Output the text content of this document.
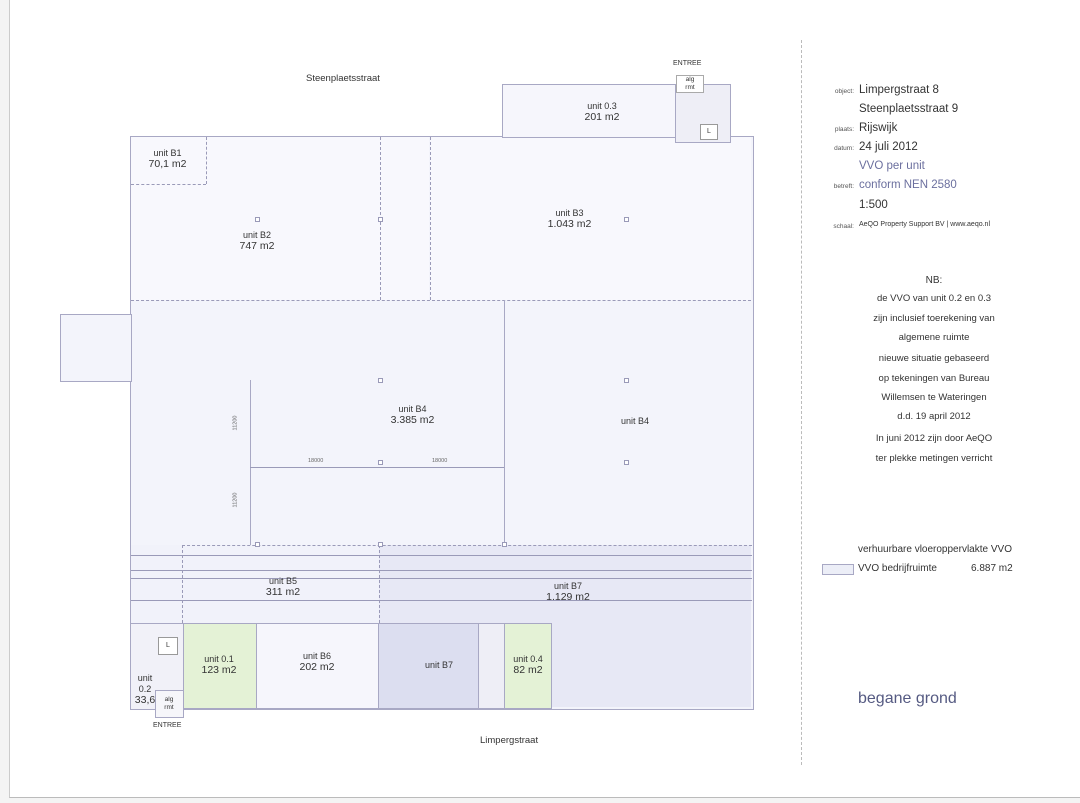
L
L
18000	18000
11200
11200
unit B1
70,1 m2
unit B2
747 m2
unit B3
1.043 m2
unit B4
3.385 m2	unit B4
unit B5
311 m2	unit B7
1.129 m2
unit B6
202 m2	unit B7
unit 0.1
123 m2
unit 0.4
82 m2

unit
0.2

33,6

unit 0.3
201 m2
alg
rmt
alg
rmt
Steenplaetsstraat
Limpergstraat
ENTREE
ENTREE
object: Limpergstraat 8
Steenplaetsstraat 9
plaats: Rijswijk
datum: 24 juli 2012
VVO per unit
betreft: conform NEN 2580
1:500
schaal: AeQO Property Support BV | www.aeqo.nl
NB:
de VVO van unit 0.2 en 0.3
zijn inclusief toerekening van
algemene ruimte
nieuwe situatie gebaseerd
op tekeningen van Bureau
Willemsen te Wateringen
d.d. 19 april 2012
In juni 2012 zijn door AeQO
ter plekke metingen verricht
verhuurbare vloeroppervlakte VVO
VVO bedrijfruimte	6.887 m2
begane grond
